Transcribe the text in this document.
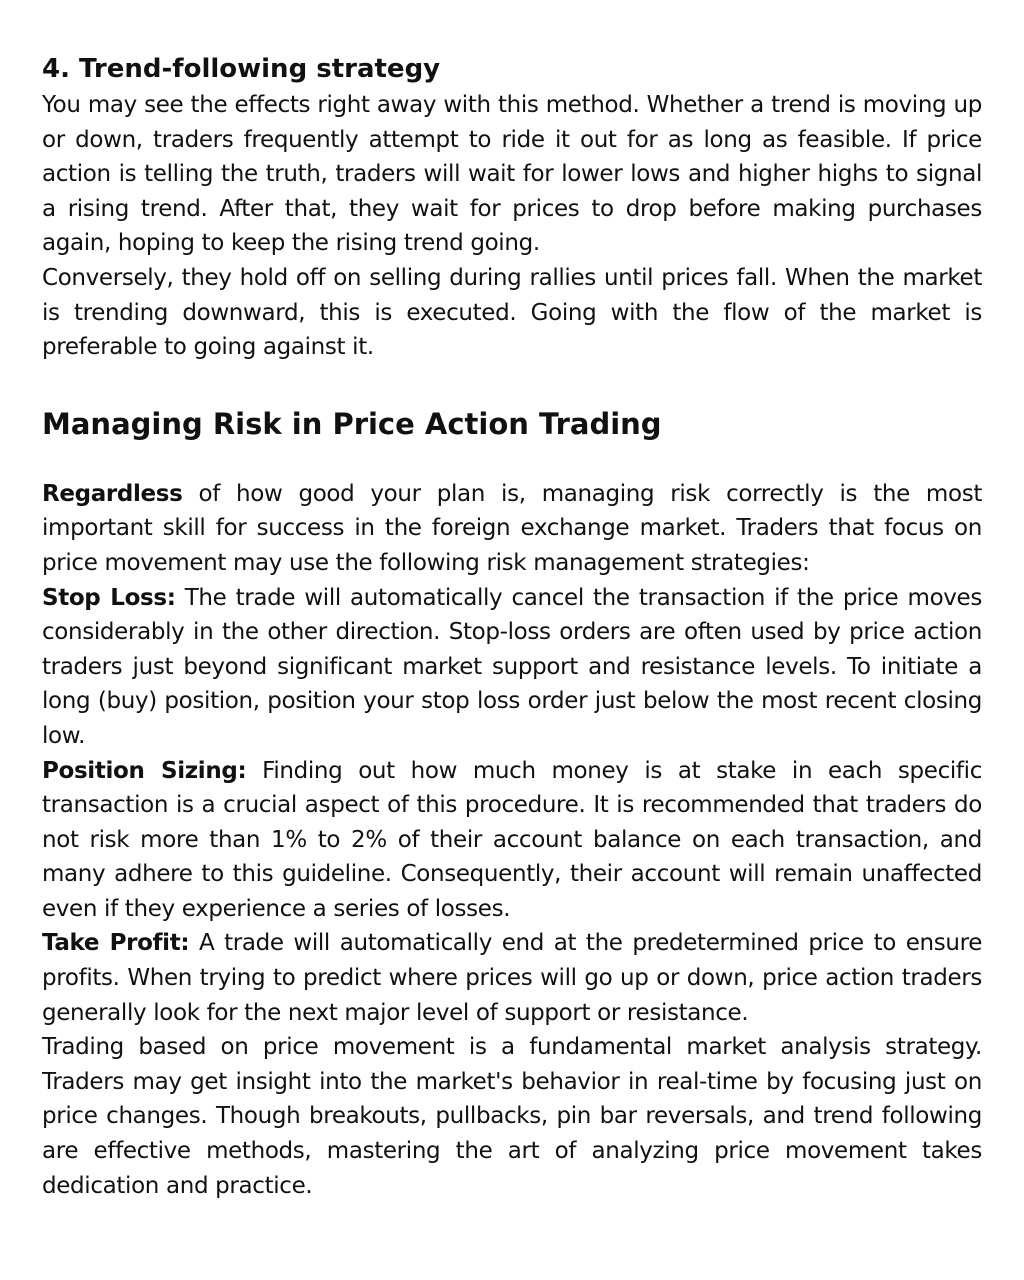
4. Trend-following strategy

You may see the effects right away with this method. Whether a trend is moving up or down, traders frequently attempt to ride it out for as long as feasible. If price action is telling the truth, traders will wait for lower lows and higher highs to signal a rising trend. After that, they wait for prices to drop before making purchases again, hoping to keep the rising trend going.

Conversely, they hold off on selling during rallies until prices fall. When the market is trending downward, this is executed. Going with the flow of the market is preferable to going against it.

Managing Risk in Price Action Trading

Regardless of how good your plan is, managing risk correctly is the most important skill for success in the foreign exchange market. Traders that focus on price movement may use the following risk management strategies:

Stop Loss: The trade will automatically cancel the transaction if the price moves considerably in the other direction. Stop-loss orders are often used by price action traders just beyond significant market support and resistance levels. To initiate a long (buy) position, position your stop loss order just below the most recent closing low.

Position Sizing: Finding out how much money is at stake in each specific transaction is a crucial aspect of this procedure. It is recommended that traders do not risk more than 1% to 2% of their account balance on each transaction, and many adhere to this guideline. Consequently, their account will remain unaffected even if they experience a series of losses.

Take Profit: A trade will automatically end at the predetermined price to ensure profits. When trying to predict where prices will go up or down, price action traders generally look for the next major level of support or resistance.

Trading based on price movement is a fundamental market analysis strategy. Traders may get insight into the market's behavior in real-time by focusing just on price changes. Though breakouts, pullbacks, pin bar reversals, and trend following are effective methods, mastering the art of analyzing price movement takes dedication and practice.
